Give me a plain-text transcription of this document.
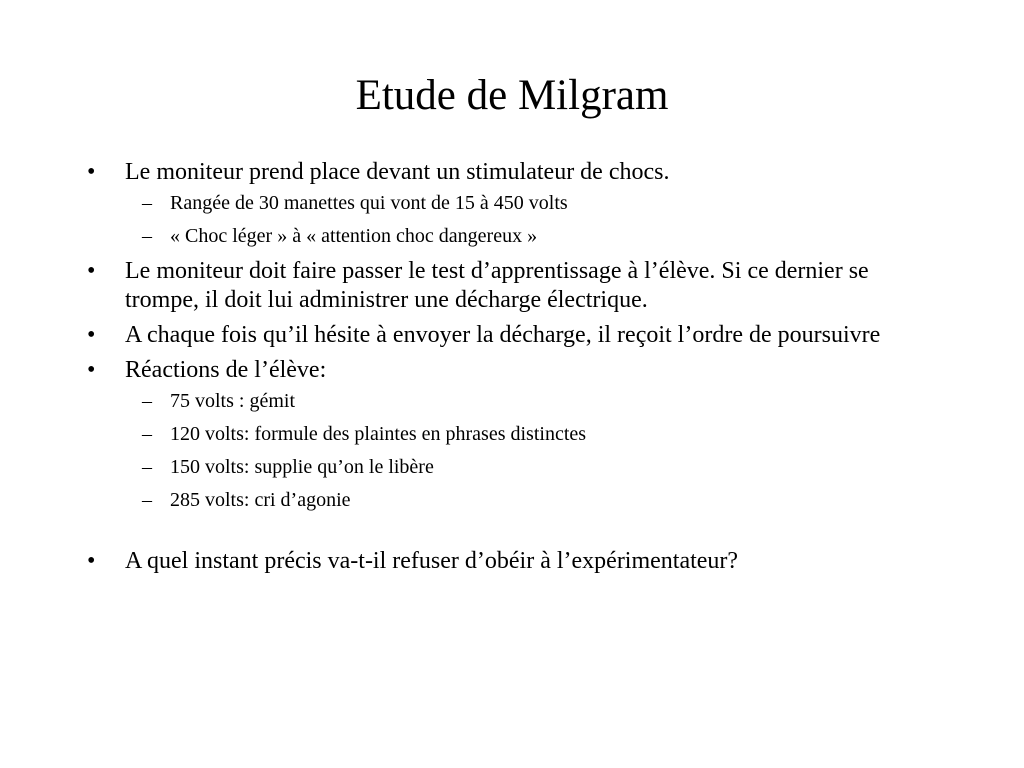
Etude de Milgram
• Le moniteur prend place devant un stimulateur de chocs.
– Rangée de 30 manettes qui vont de 15 à 450 volts
– « Choc léger » à « attention choc dangereux »
• Le moniteur doit faire passer le test d’apprentissage à l’élève. Si ce dernier se trompe, il doit lui administrer une décharge électrique.
• A chaque fois qu’il hésite à envoyer la décharge, il reçoit l’ordre de poursuivre
• Réactions de l’élève:
– 75 volts : gémit
– 120 volts: formule des plaintes en phrases distinctes
– 150 volts: supplie qu’on le libère
– 285 volts: cri d’agonie
• A quel instant précis va-t-il refuser d’obéir à l’expérimentateur?
